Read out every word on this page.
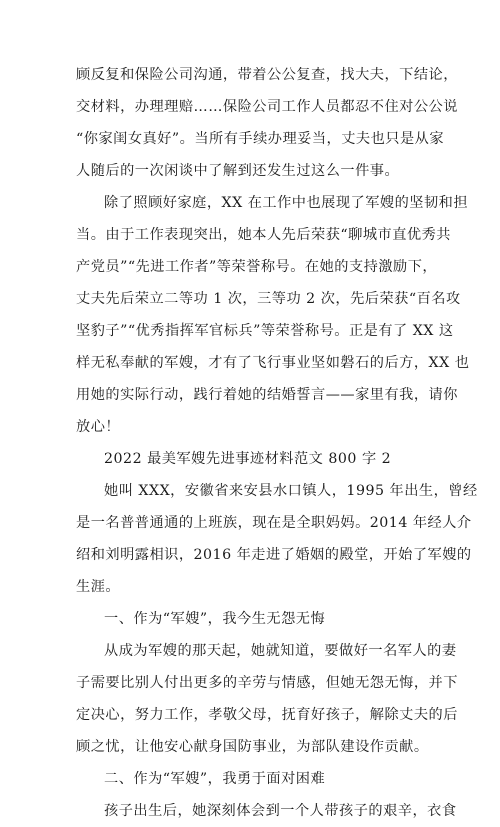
顾反复和保险公司沟通，带着公公复查，找大夫，下结论，
交材料，办理理赔……保险公司工作人员都忍不住对公公说
“你家闺女真好”。当所有手续办理妥当，丈夫也只是从家
人随后的一次闲谈中了解到还发生过这么一件事。
除了照顾好家庭，XX 在工作中也展现了军嫂的坚韧和担
当。由于工作表现突出，她本人先后荣获“聊城市直优秀共
产党员”“先进工作者”等荣誉称号。在她的支持激励下，
丈夫先后荣立二等功 1 次，三等功 2 次，先后荣获“百名攻
坚豹子”“优秀指挥军官标兵”等荣誉称号。正是有了 XX 这
样无私奉献的军嫂，才有了飞行事业坚如磐石的后方，XX 也
用她的实际行动，践行着她的结婚誓言——家里有我，请你
放心！
2022 最美军嫂先进事迹材料范文 800 字 2
她叫 XXX，安徽省来安县水口镇人，1995 年出生，曾经
是一名普普通通的上班族，现在是全职妈妈。2014 年经人介
绍和刘明露相识，2016 年走进了婚姻的殿堂，开始了军嫂的
生涯。
一、作为“军嫂”，我今生无怨无悔
从成为军嫂的那天起，她就知道，要做好一名军人的妻
子需要比别人付出更多的辛劳与情感，但她无怨无悔，并下
定决心，努力工作，孝敬父母，抚育好孩子，解除丈夫的后
顾之忧，让他安心献身国防事业，为部队建设作贡献。
二、作为“军嫂”，我勇于面对困难
孩子出生后，她深刻体会到一个人带孩子的艰辛，衣食
